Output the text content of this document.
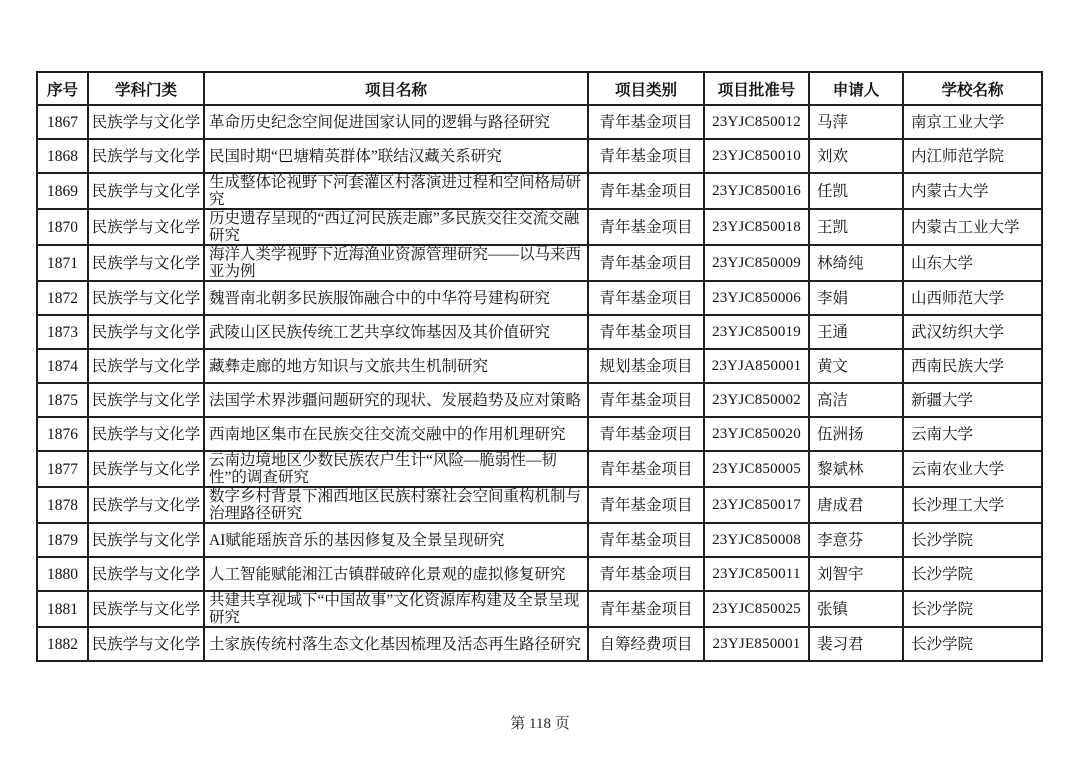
序号	学科门类	项目名称	项目类别	项目批准号	申请人	学校名称
1867	民族学与文化学	革命历史纪念空间促进国家认同的逻辑与路径研究	青年基金项目	23YJC850012	马萍	南京工业大学
1868	民族学与文化学	民国时期“巴塘精英群体”联结汉藏关系研究	青年基金项目	23YJC850010	刘欢	内江师范学院
1869	民族学与文化学	生成整体论视野下河套灌区村落演进过程和空间格局研究	青年基金项目	23YJC850016	任凯	内蒙古大学
1870	民族学与文化学	历史遗存呈现的“西辽河民族走廊”多民族交往交流交融研究	青年基金项目	23YJC850018	王凯	内蒙古工业大学
1871	民族学与文化学	海洋人类学视野下近海渔业资源管理研究——以马来西亚为例	青年基金项目	23YJC850009	林绮纯	山东大学
1872	民族学与文化学	魏晋南北朝多民族服饰融合中的中华符号建构研究	青年基金项目	23YJC850006	李娟	山西师范大学
1873	民族学与文化学	武陵山区民族传统工艺共享纹饰基因及其价值研究	青年基金项目	23YJC850019	王通	武汉纺织大学
1874	民族学与文化学	藏彝走廊的地方知识与文旅共生机制研究	规划基金项目	23YJA850001	黄文	西南民族大学
1875	民族学与文化学	法国学术界涉疆问题研究的现状、发展趋势及应对策略	青年基金项目	23YJC850002	高洁	新疆大学
1876	民族学与文化学	西南地区集市在民族交往交流交融中的作用机理研究	青年基金项目	23YJC850020	伍洲扬	云南大学
1877	民族学与文化学	云南边境地区少数民族农户生计“风险—脆弱性—韧性”的调查研究	青年基金项目	23YJC850005	黎斌林	云南农业大学
1878	民族学与文化学	数字乡村背景下湘西地区民族村寨社会空间重构机制与治理路径研究	青年基金项目	23YJC850017	唐成君	长沙理工大学
1879	民族学与文化学	AI赋能瑶族音乐的基因修复及全景呈现研究	青年基金项目	23YJC850008	李意芬	长沙学院
1880	民族学与文化学	人工智能赋能湘江古镇群破碎化景观的虚拟修复研究	青年基金项目	23YJC850011	刘智宇	长沙学院
1881	民族学与文化学	共建共享视域下“中国故事”文化资源库构建及全景呈现研究	青年基金项目	23YJC850025	张镇	长沙学院
1882	民族学与文化学	土家族传统村落生态文化基因梳理及活态再生路径研究	自筹经费项目	23YJE850001	裴习君	长沙学院
第 118 页
